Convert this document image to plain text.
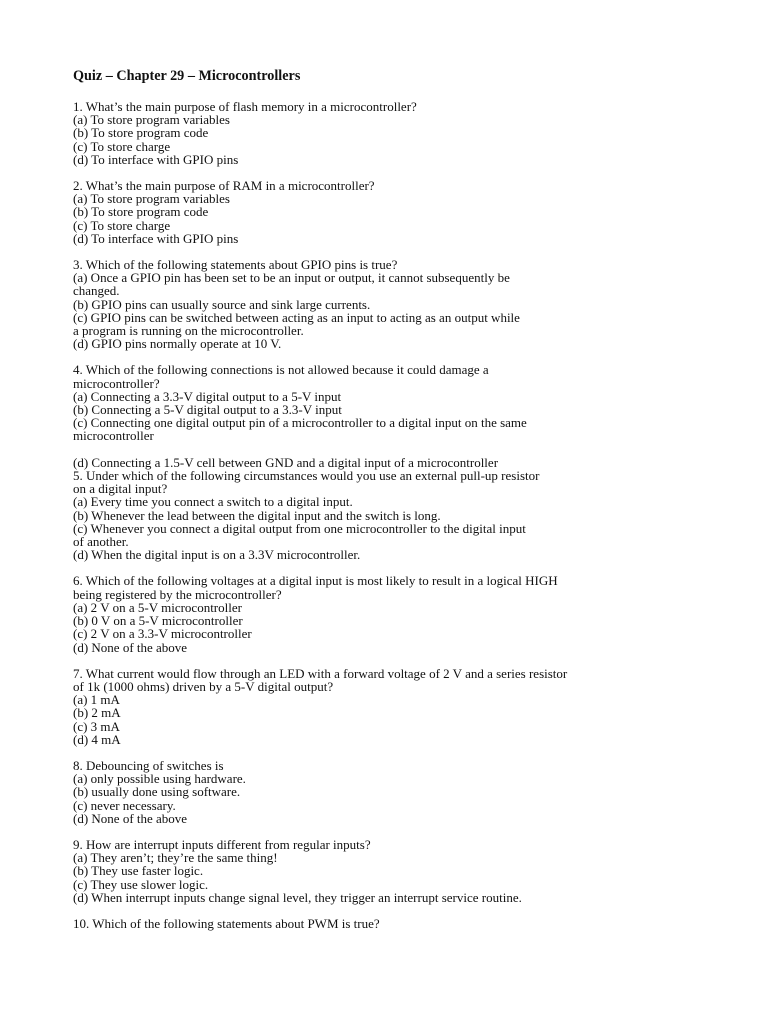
Quiz – Chapter 29 – Microcontrollers
1. What’s the main purpose of flash memory in a microcontroller?
(a) To store program variables
(b) To store program code
(c) To store charge
(d) To interface with GPIO pins
2. What’s the main purpose of RAM in a microcontroller?
(a) To store program variables
(b) To store program code
(c) To store charge
(d) To interface with GPIO pins
3. Which of the following statements about GPIO pins is true?
(a) Once a GPIO pin has been set to be an input or output, it cannot subsequently be
changed.
(b) GPIO pins can usually source and sink large currents.
(c) GPIO pins can be switched between acting as an input to acting as an output while
a program is running on the microcontroller.
(d) GPIO pins normally operate at 10 V.
4. Which of the following connections is not allowed because it could damage a
microcontroller?
(a) Connecting a 3.3-V digital output to a 5-V input
(b) Connecting a 5-V digital output to a 3.3-V input
(c) Connecting one digital output pin of a microcontroller to a digital input on the same
microcontroller
(d) Connecting a 1.5-V cell between GND and a digital input of a microcontroller
5. Under which of the following circumstances would you use an external pull-up resistor
on a digital input?
(a) Every time you connect a switch to a digital input.
(b) Whenever the lead between the digital input and the switch is long.
(c) Whenever you connect a digital output from one microcontroller to the digital input
of another.
(d) When the digital input is on a 3.3V microcontroller.
6. Which of the following voltages at a digital input is most likely to result in a logical HIGH
being registered by the microcontroller?
(a) 2 V on a 5-V microcontroller
(b) 0 V on a 5-V microcontroller
(c) 2 V on a 3.3-V microcontroller
(d) None of the above
7. What current would flow through an LED with a forward voltage of 2 V and a series resistor
of 1k (1000 ohms) driven by a 5-V digital output?
(a) 1 mA
(b) 2 mA
(c) 3 mA
(d) 4 mA
8. Debouncing of switches is
(a) only possible using hardware.
(b) usually done using software.
(c) never necessary.
(d) None of the above
9. How are interrupt inputs different from regular inputs?
(a) They aren’t; they’re the same thing!
(b) They use faster logic.
(c) They use slower logic.
(d) When interrupt inputs change signal level, they trigger an interrupt service routine.
10. Which of the following statements about PWM is true?
